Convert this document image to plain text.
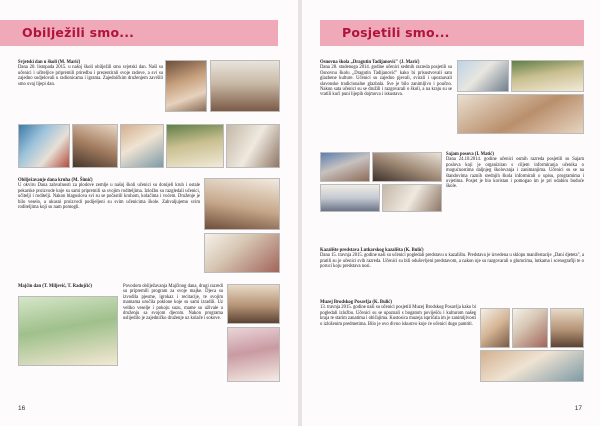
Obilježili smo...
Svjetski dan u školi (M. Marić)
Dana 20. listopada 2015. u našoj školi obilježili smo svjetski dan. Naši su učenici i učiteljice pripremili priredbu i prezentirali svoje radove, a svi su zajedno sudjelovali u radionicama i igrama. Zajedničkim druženjem završili smo ovaj lijepi dan.
Obilježavanje dana kruha (M. Šimić)
U okviru Dana zahvalnosti za plodove zemlje u našoj školi učenici su donijeli kruh i ostale pekarske proizvode koje su sami pripremili sa svojim roditeljima. Izložbu su razgledali učenici, učitelji i roditelji. Nakon blagoslova svi su se počastili kruhom, kolačima i voćem. Druženje je bilo veselo, a ukusni proizvodi podijeljeni su svim učenicima škole. Zahvaljujemo svim roditeljima koji su nam pomogli.
Majčin dan (T. Miljević, T. Radojčić)	Povodom obilježavanja Majčinog dana, drugi razredi su pripremili program za svoje majke. Djeca su izvodila pjesme, igrokaz i recitacije, te svojim mamama uručila poklone koje su sami izradili. Uz veliko veselje i pokoju suzu, mame su uživale u druženju sa svojom djecom. Nakon programa uslijedilo je zajedničko druženje uz kolače i sokove.
16
Posjetili smo...
Osnovna škola „Dragutin Tadijanović" (J. Marić)
Dana 28. studenoga 2014. godine učenici sedmih razreda posjetili su Osnovnu školu „Dragutin Tadijanović" kako bi prisustvovali satu glazbene kulture. Učenici su zajedno pjevali, svirali i upoznavali slavonske tradicionalne glazbala. Sve je bilo zanimljivo i poučno. Nakon sata učenici su se družili i razgovarali o školi, a na kraju su se vratili kući puni lijepih dojmova i iskustava.
Sajam posova (I. Matić)
Dana 24.10.2014. godine učenici osmih razreda posjetili su Sajam poslova koji je organiziran s ciljem informiranja učenika o mogućnostima daljnjeg školovanja i zanimanjima. Učenici su se na štandovima raznih srednjih škola informirali o upisu, programima i uvjetima. Posjet je bio koristan i pomogao im je pri odabiru buduće škole.
Kazalište predstava Lutkarskog kazališta (K. Bulić)
Dana 15. travnja 2015. godine naši su učenici pogledali predstavu u kazalištu. Predstava je izvedena u sklopu manifestacije „Dani djeteta", a pratili su je učenici svih razreda. Učenici su bili oduševljeni predstavom, a nakon nje su razgovarali o glumcima, lutkama i scenografiji te o poruci koju predstava nosi.
Muzej Brodskog Posavlja (K. Bulić)
13. travnja 2015. godine naši su učenici posjetili Muzej Brodskog Posavlja kako bi pogledali izložbu. Učenici su se upoznali s bogatom poviješću i kulturom našeg kraja te starim zanatima i običajima. Kustosica muzeja ispričala im je zanimljivosti o izloženim predmetima. Bilo je ovo divno iskustvo koje će učenici dugo pamtiti.
17
